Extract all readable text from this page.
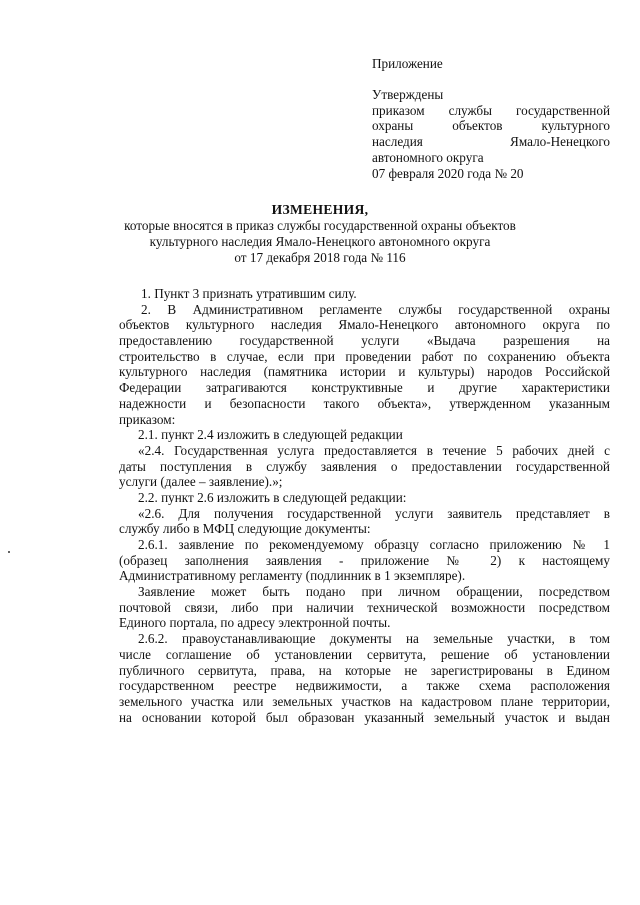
Приложение
Утверждены
приказом службы государственной
охраны объектов культурного
наследия Ямало-Ненецкого
автономного округа
07 февраля 2020 года № 20
ИЗМЕНЕНИЯ,
которые вносятся в приказ службы государственной охраны объектов
культурного наследия Ямало-Ненецкого автономного округа
от 17 декабря 2018 года № 116
1. Пункт 3 признать утратившим силу.
2. В Административном регламенте службы государственной охраны
объектов культурного наследия Ямало-Ненецкого автономного округа по
предоставлению государственной услуги «Выдача разрешения на
строительство в случае, если при проведении работ по сохранению объекта
культурного наследия (памятника истории и культуры) народов Российской
Федерации затрагиваются конструктивные и другие характеристики
надежности и безопасности такого объекта», утвержденном указанным
приказом:
2.1. пункт 2.4 изложить в следующей редакции
«2.4. Государственная услуга предоставляется в течение 5 рабочих дней с
даты поступления в службу заявления о предоставлении государственной
услуги (далее – заявление).»;
2.2. пункт 2.6 изложить в следующей редакции:
«2.6. Для получения государственной услуги заявитель представляет в
службу либо в МФЦ следующие документы:
2.6.1. заявление по рекомендуемому образцу согласно приложению № 1
(образец заполнения заявления - приложение № 2) к настоящему
Административному регламенту (подлинник в 1 экземпляре).
Заявление может быть подано при личном обращении, посредством
почтовой связи, либо при наличии технической возможности посредством
Единого портала, по адресу электронной почты.
2.6.2. правоустанавливающие документы на земельные участки, в том
числе соглашение об установлении сервитута, решение об установлении
публичного сервитута, права, на которые не зарегистрированы в Едином
государственном реестре недвижимости, а также схема расположения
земельного участка или земельных участков на кадастровом плане территории,
на основании которой был образован указанный земельный участок и выдан
